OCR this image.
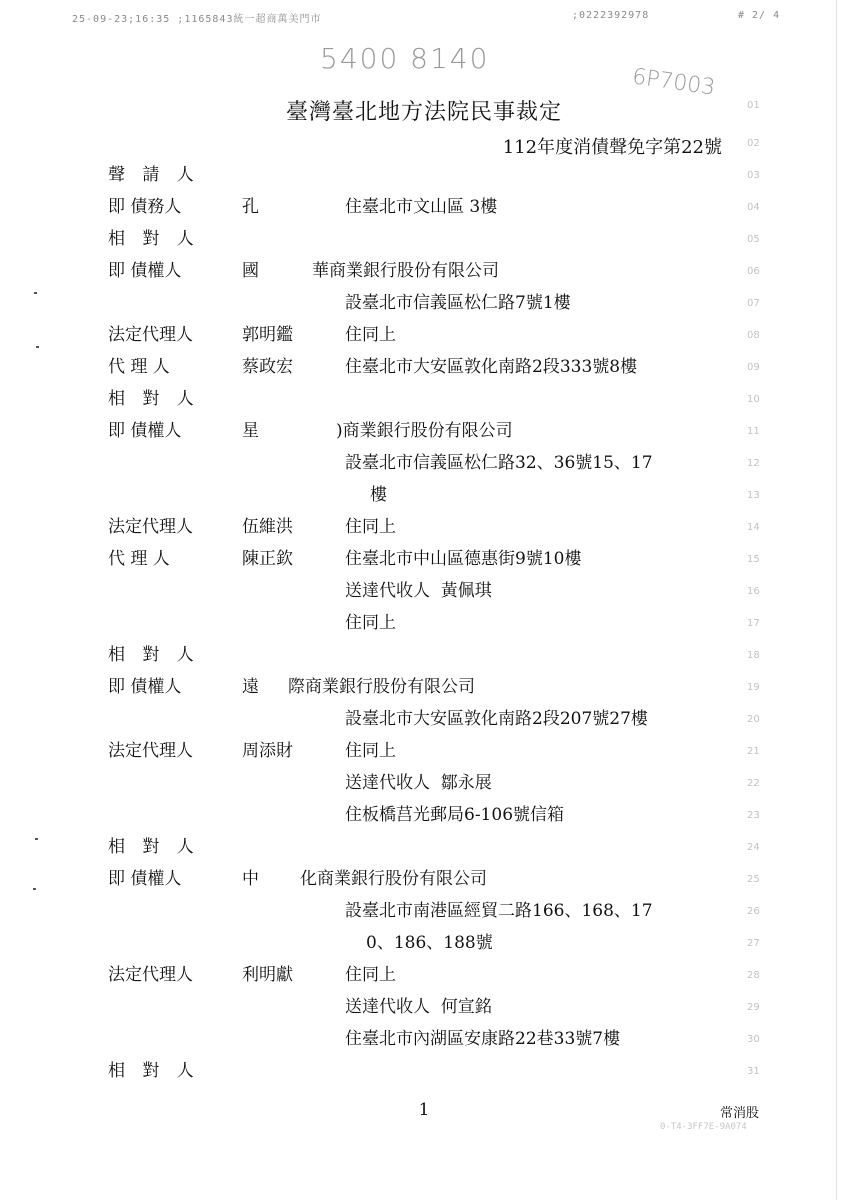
25-09-23;16:35 ;1165843統一超商萬美門市	;0222392978	# 2/ 4
5400 8140
6P7003
臺灣臺北地方法院民事裁定
112年度消債聲免字第22號
聲 請 人
即 債務人	孔	住臺北市文山區 3樓
相 對 人
即 債權人	國	華商業銀行股份有限公司
設臺北市信義區松仁路7號1樓
法定代理人	郭明鑑	住同上
代 理 人	蔡政宏	住臺北市大安區敦化南路2段333號8樓
相 對 人
即 債權人	星	)商業銀行股份有限公司
設臺北市信義區松仁路32、36號15、17
樓
法定代理人	伍維洪	住同上
代 理 人	陳正欽	住臺北市中山區德惠街9號10樓
送達代收人  黃佩琪
住同上
相 對 人
即 債權人	遠 際商業銀行股份有限公司
設臺北市大安區敦化南路2段207號27樓
法定代理人	周添財	住同上
送達代收人  鄒永展
住板橋莒光郵局6-106號信箱
相 對 人
即 債權人	中 化商業銀行股份有限公司
設臺北市南港區經貿二路166、168、17
0、186、188號
法定代理人	利明獻	住同上
送達代收人  何宣銘
住臺北市內湖區安康路22巷33號7樓
相 對 人
01
02
03
04
05
06
07
08
09
10
11
12
13
14
15
16
17
18
19
20
21
22
23
24
25
26
27
28
29
30
31
1	常消股
0-T4-3FF7E-9A074
